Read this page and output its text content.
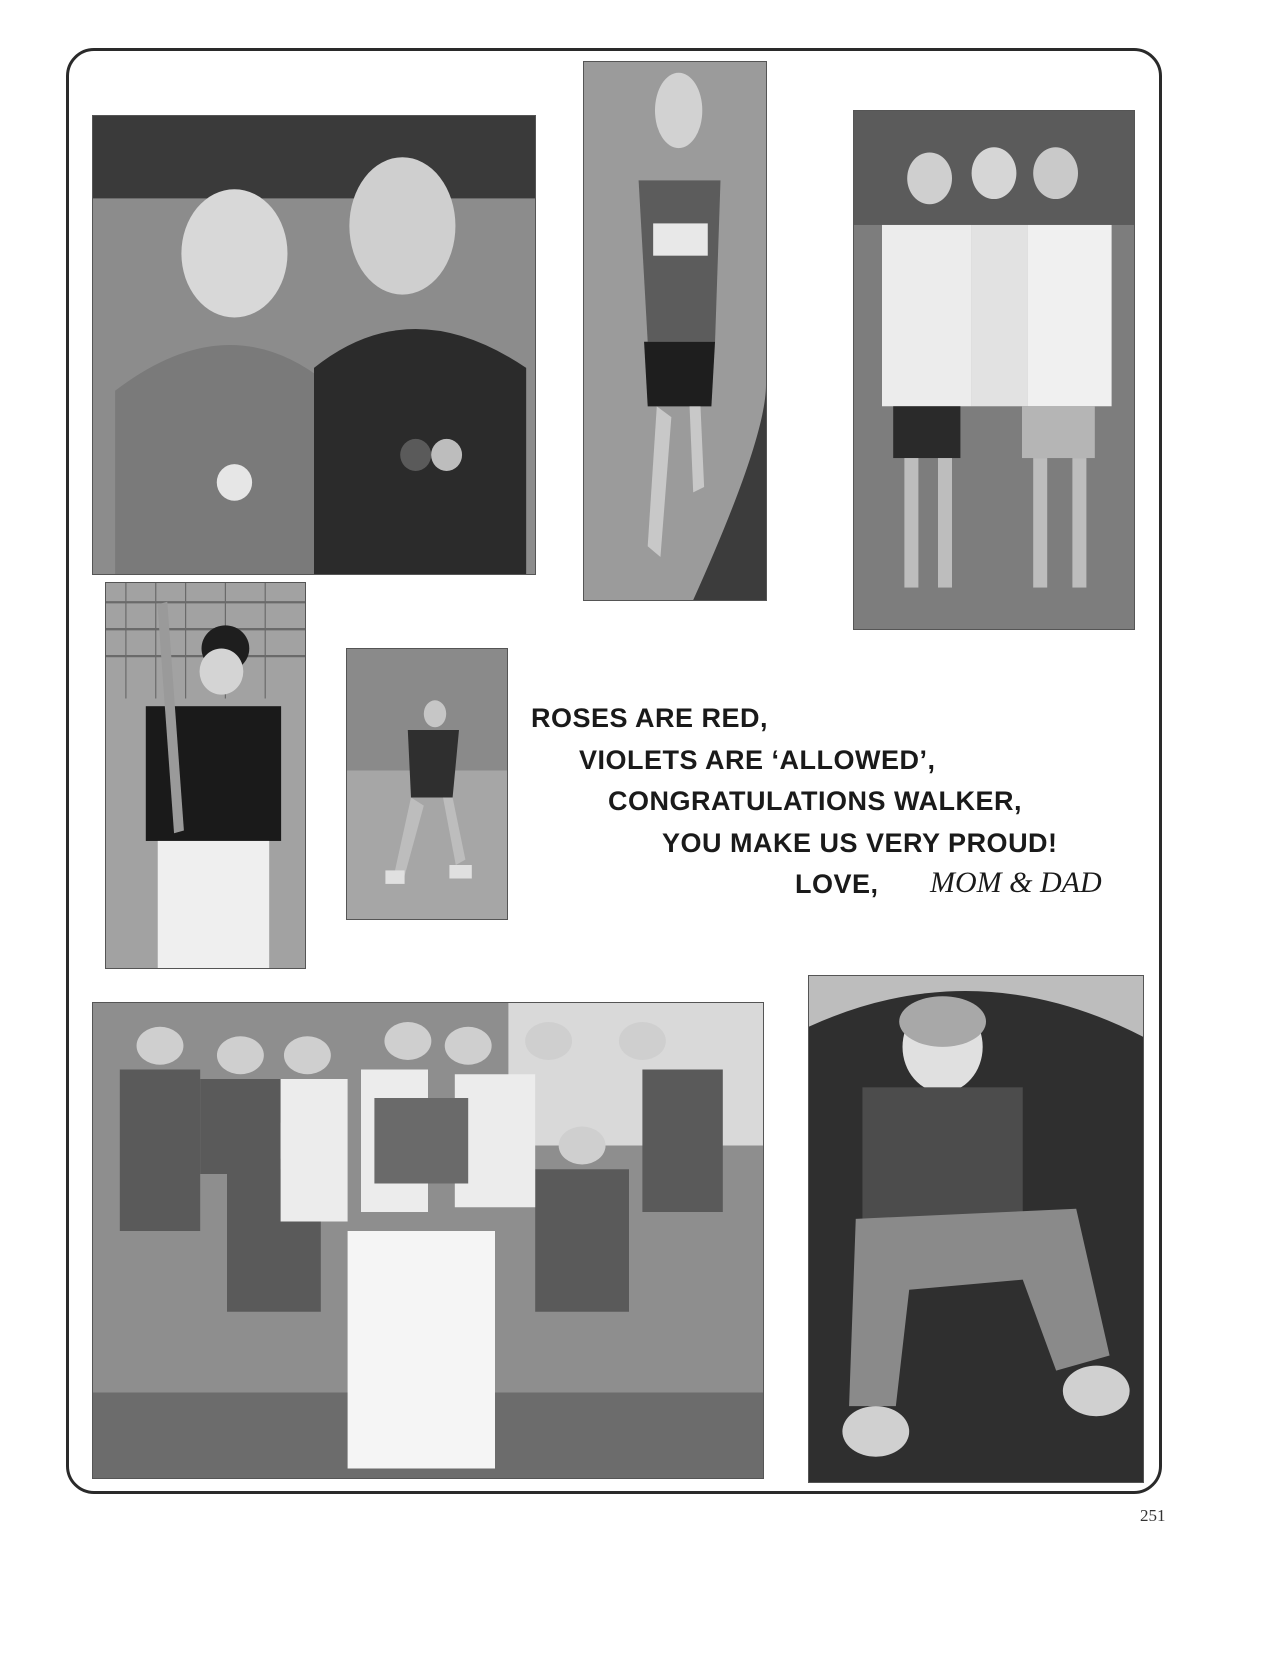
ROSES ARE RED,
VIOLETS ARE ‘ALLOWED’,
CONGRATULATIONS WALKER,
YOU MAKE US VERY PROUD!
LOVE, MOM & DAD
251
